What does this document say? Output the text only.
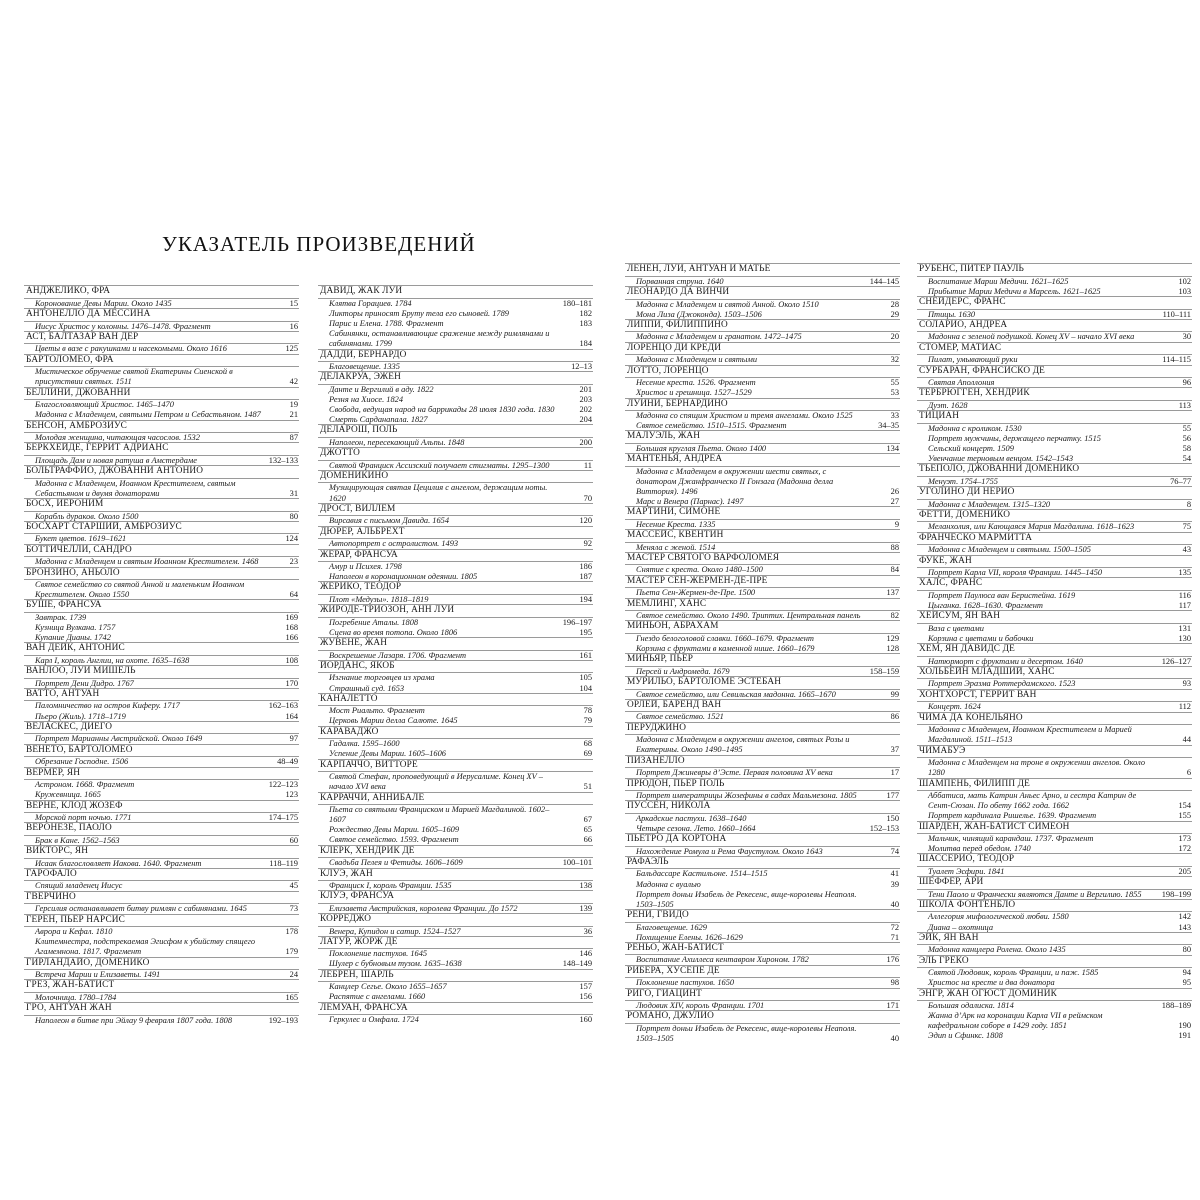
УКАЗАТЕЛЬ ПРОИЗВЕДЕНИЙ
АНДЖЕЛИКО, ФРА
Коронование Девы Марии. Около 1435	15
АНТОНЕЛЛО ДА МЕССИНА
Иисус Христос у колонны. 1476–1478. Фрагмент	16
АСТ, БАЛТАЗАР ВАН ДЕР
Цветы в вазе с ракушками и насекомыми. Около 1616	125
БАРТОЛОМЕО, ФРА
Мистическое обручение святой Екатерины Сиенской в присутствии святых. 1511	42
БЕЛЛИНИ, ДЖОВАННИ
Благословляющий Христос. 1465–1470	19
Мадонна с Младенцем, святыми Петром и Себастьяном. 1487	21
БЕНСОН, АМБРОЗИУС
Молодая женщина, читающая часослов. 1532	87
БЕРКХЕЙДЕ, ГЕРРИТ АДРИАНС
Площадь Дам и новая ратуша в Амстердаме	132–133
БОЛЬТРАФФИО, ДЖОВАННИ АНТОНИО
Мадонна с Младенцем, Иоанном Крестителем, святым Себастьяном и двумя донаторами	31
БОСХ, ИЕРОНИМ
Корабль дураков. Около 1500	80
БОСХАРТ СТАРШИЙ, АМБРОЗИУС
Букет цветов. 1619–1621	124
БОТТИЧЕЛЛИ, САНДРО
Мадонна с Младенцем и святым Иоанном Крестителем. 1468	23
БРОНЗИНО, АНЬОЛО
Святое семейство со святой Анной и маленьким Иоанном Крестителем. Около 1550	64
БУШЕ, ФРАНСУА
Завтрак. 1739	169
Кузница Вулкана. 1757	168
Купание Дианы. 1742	166
ВАН ДЕЙК, АНТОНИС
Карл I, король Англии, на охоте. 1635–1638	108
ВАНЛОО, ЛУИ МИШЕЛЬ
Портрет Дени Дидро. 1767	170
ВАТТО, АНТУАН
Паломничество на остров Киферу. 1717	162–163
Пьеро (Жиль). 1718–1719	164
ВЕЛАСКЕС, ДИЕГО
Портрет Марианны Австрийской. Около 1649	97
ВЕНЕТО, БАРТОЛОМЕО
Обрезание Господне. 1506	48–49
ВЕРМЕР, ЯН
Астроном. 1668. Фрагмент	122–123
Кружевница. 1665	123
ВЕРНЕ, КЛОД ЖОЗЕФ
Морской порт ночью. 1771	174–175
ВЕРОНЕЗЕ, ПАОЛО
Брак в Кане. 1562–1563	60
ВИКТОРС, ЯН
Исаак благословляет Иакова. 1640. Фрагмент	118–119
ГАРОФАЛО
Спящий младенец Иисус	45
ГВЕРЧИНО
Герсилия останавливает битву римлян с сабинянами. 1645	73
ГЕРЕН, ПЬЕР НАРСИС
Аврора и Кефал. 1810	178
Клитемнестра, подстрекаемая Эгисфом к убийству спящего Агамемнона. 1817. Фрагмент	179
ГИРЛАНДАЙО, ДОМЕНИКО
Встреча Марии и Елизаветы. 1491	24
ГРЕЗ, ЖАН-БАТИСТ
Молочница. 1780–1784	165
ГРО, АНТУАН ЖАН
Наполеон в битве при Эйлау 9 февраля 1807 года. 1808	192–193
ДАВИД, ЖАК ЛУИ
Клятва Горациев. 1784	180–181
Ликторы приносят Бруту тела его сыновей. 1789	182
Парис и Елена. 1788. Фрагмент	183
Сабинянки, останавливающие сражение между римлянами и сабинянами. 1799	184
ДАДДИ, БЕРНАРДО
Благовещение. 1335	12–13
ДЕЛАКРУА, ЭЖЕН
Данте и Вергилий в аду. 1822	201
Резня на Хиосе. 1824	203
Свобода, ведущая народ на баррикады 28 июля 1830 года. 1830	202
Смерть Сарданапала. 1827	204
ДЕЛАРОШ, ПОЛЬ
Наполеон, пересекающий Альпы. 1848	200
ДЖОТТО
Святой Франциск Ассизский получает стигматы. 1295–1300	11
ДОМЕНИКИНО
Музицирующая святая Цецилия с ангелом, держащим ноты. 1620	70
ДРОСТ, ВИЛЛЕМ
Вирсавия с письмом Давида. 1654	120
ДЮРЕР, АЛЬБРЕХТ
Автопортрет с остролистом. 1493	92
ЖЕРАР, ФРАНСУА
Амур и Психея. 1798	186
Наполеон в коронационном одеянии. 1805	187
ЖЕРИКО, ТЕОДОР
Плот «Медузы». 1818–1819	194
ЖИРОДЕ-ТРИОЗОН, АНН ЛУИ
Погребение Аталы. 1808	196–197
Сцена во время потопа. Около 1806	195
ЖУВЕНЕ, ЖАН
Воскрешение Лазаря. 1706. Фрагмент	161
ЙОРДАНС, ЯКОБ
Изгнание торговцев из храма	105
Страшный суд. 1653	104
КАНАЛЕТТО
Мост Риальто. Фрагмент	78
Церковь Марии делла Салюте. 1645	79
КАРАВАДЖО
Гадалка. 1595–1600	68
Успение Девы Марии. 1605–1606	69
КАРПАЧЧО, ВИТТОРЕ
Святой Стефан, проповедующий в Иерусалиме. Конец XV – начало XVI века	51
КАРРАЧЧИ, АННИБАЛЕ
Пьета со святыми Франциском и Марией Магдалиной. 1602–1607	67
Рождество Девы Марии. 1605–1609	65
Святое семейство. 1593. Фрагмент	66
КЛЕРК, ХЕНДРИК ДЕ
Свадьба Пелея и Фетиды. 1606–1609	100–101
КЛУЭ, ЖАН
Франциск I, король Франции. 1535	138
КЛУЭ, ФРАНСУА
Елизавета Австрийская, королева Франции. До 1572	139
КОРРЕДЖО
Венера, Купидон и сатир. 1524–1527	36
ЛАТУР, ЖОРЖ ДЕ
Поклонение пастухов. 1645	146
Шулер с бубновым тузом. 1635–1638	148–149
ЛЕБРЕН, ШАРЛЬ
Канцлер Сегье. Около 1655–1657	157
Распятие с ангелами. 1660	156
ЛЕМУАН, ФРАНСУА
Геркулес и Омфала. 1724	160
ЛЕНЕН, ЛУИ, АНТУАН И МАТЬЕ
Порванная струна. 1640	144–145
ЛЕОНАРДО ДА ВИНЧИ
Мадонна с Младенцем и святой Анной. Около 1510	28
Мона Лиза (Джоконда). 1503–1506	29
ЛИППИ, ФИЛИППИНО
Мадонна с Младенцем и гранатом. 1472–1475	20
ЛОРЕНЦО ДИ КРЕДИ
Мадонна с Младенцем и святыми	32
ЛОТТО, ЛОРЕНЦО
Несение креста. 1526. Фрагмент	55
Христос и грешница. 1527–1529	53
ЛУИНИ, БЕРНАРДИНО
Мадонна со спящим Христом и тремя ангелами. Около 1525	33
Святое семейство. 1510–1515. Фрагмент	34–35
МАЛУЭЛЬ, ЖАН
Большая круглая Пьета. Около 1400	134
МАНТЕНЬЯ, АНДРЕА
Мадонна с Младенцем в окружении шести святых, с донатором Джанфранческо II Гонзага (Мадонна делла Виттория). 1496	26
Марс и Венера (Парнас). 1497	27
МАРТИНИ, СИМОНЕ
Несение Креста. 1335	9
МАССЕЙС, КВЕНТИН
Меняла с женой. 1514	88
МАСТЕР СВЯТОГО ВАРФОЛОМЕЯ
Снятие с креста. Около 1480–1500	84
МАСТЕР СЕН-ЖЕРМЕН-ДЕ-ПРЕ
Пьета Сен-Жермен-де-Пре. 1500	137
МЕМЛИНГ, ХАНС
Святое семейство. Около 1490. Триптих. Центральная панель	82
МИНЬОН, АБРАХАМ
Гнездо белоголовой славки. 1660–1679. Фрагмент	129
Корзина с фруктами в каменной нише. 1660–1679	128
МИНЬЯР, ПЬЕР
Персей и Андромеда. 1679	158–159
МУРИЛЬО, БАРТОЛОМЕ ЭСТЕБАН
Святое семейство, или Севильская мадонна. 1665–1670	99
ОРЛЕЙ, БАРЕНД ВАН
Святое семейство. 1521	86
ПЕРУДЖИНО
Мадонна с Младенцем в окружении ангелов, святых Розы и Екатерины. Около 1490–1495	37
ПИЗАНЕЛЛО
Портрет Джиневры д’Эсте. Первая половина XV века	17
ПРЮДОН, ПЬЕР ПОЛЬ
Портрет императрицы Жозефины в садах Мальмезона. 1805	177
ПУССЕН, НИКОЛА
Аркадские пастухи. 1638–1640	150
Четыре сезона. Лето. 1660–1664	152–153
ПЬЕТРО ДА КОРТОНА
Нахождение Ромула и Рема Фаустулом. Около 1643	74
РАФАЭЛЬ
Бальдассаре Кастильоне. 1514–1515	41
Мадонна с вуалью	39
Портрет доньи Изабель де Рекесенс, вице-королевы Неаполя. 1503–1505	40
РЕНИ, ГВИДО
Благовещение. 1629	72
Похищение Елены. 1626–1629	71
РЕНЬО, ЖАН-БАТИСТ
Воспитание Ахиллеса кентавром Хироном. 1782	176
РИБЕРА, ХУСЕПЕ ДЕ
Поклонение пастухов. 1650	98
РИГО, ГИАЦИНТ
Людовик XIV, король Франции. 1701	171
РОМАНО, ДЖУЛИО
Портрет доньи Изабель де Рекесенс, вице-королевы Неаполя. 1503–1505	40
РУБЕНС, ПИТЕР ПАУЛЬ
Воспитание Марии Медичи. 1621–1625	102
Прибытие Марии Медичи в Марсель. 1621–1625	103
СНЕЙДЕРС, ФРАНС
Птицы. 1630	110–111
СОЛАРИО, АНДРЕА
Мадонна с зеленой подушкой. Конец XV – начало XVI века	30
СТОМЕР, МАТИАС
Пилат, умывающий руки	114–115
СУРБАРАН, ФРАНСИСКО ДЕ
Святая Аполлония	96
ТЕРБРЮГГЕН, ХЕНДРИК
Дуэт. 1628	113
ТИЦИАН
Мадонна с кроликом. 1530	55
Портрет мужчины, держащего перчатку. 1515	56
Сельский концерт. 1509	58
Увенчание терновым венцом. 1542–1543	54
ТЬЕПОЛО, ДЖОВАННИ ДОМЕНИКО
Менуэт. 1754–1755	76–77
УГОЛИНО ДИ НЕРИО
Мадонна с Младенцем. 1315–1320	8
ФЕТТИ, ДОМЕНИКО
Меланхолия, или Кающаяся Мария Магдалина. 1618–1623	75
ФРАНЧЕСКО МАРМИТТА
Мадонна с Младенцем и святыми. 1500–1505	43
ФУКЕ, ЖАН
Портрет Карла VII, короля Франции. 1445–1450	135
ХАЛС, ФРАНС
Портрет Паулюса ван Беристейна. 1619	116
Цыганка. 1628–1630. Фрагмент	117
ХЕЙСУМ, ЯН ВАН
Ваза с цветами	131
Корзина с цветами и бабочки	130
ХЕМ, ЯН ДАВИДС ДЕ
Натюрморт с фруктами и десертом. 1640	126–127
ХОЛЬБЕЙН МЛАДШИЙ, ХАНС
Портрет Эразма Роттердамского. 1523	93
ХОНТХОРСТ, ГЕРРИТ ВАН
Концерт. 1624	112
ЧИМА ДА КОНЕЛЬЯНО
Мадонна с Младенцем, Иоанном Крестителем и Марией Магдалиной. 1511–1513	44
ЧИМАБУЭ
Мадонна с Младенцем на троне в окружении ангелов. Около 1280	6
ШАМПЕНЬ, ФИЛИПП ДЕ
Аббатиса, мать Катрин Аньес Арно, и сестра Катрин де Сент-Сюзан. По обету 1662 года. 1662	154
Портрет кардинала Ришелье. 1639. Фрагмент	155
ШАРДЕН, ЖАН-БАТИСТ СИМЕОН
Мальчик, чинящий карандаш. 1737. Фрагмент	173
Молитва перед обедом. 1740	172
ШАССЕРИО, ТЕОДОР
Туалет Эсфири. 1841	205
ШЕФФЕР, АРИ
Тени Паоло и Франчески являются Данте и Вергилию. 1855	198–199
ШКОЛА ФОНТЕНБЛО
Аллегория мифологической любви. 1580	142
Диана – охотница	143
ЭЙК, ЯН ВАН
Мадонна канцлера Ролена. Около 1435	80
ЭЛЬ ГРЕКО
Святой Людовик, король Франции, и паж. 1585	94
Христос на кресте и два донатора	95
ЭНГР, ЖАН ОГЮСТ ДОМИНИК
Большая одалиска. 1814	188–189
Жанна д’Арк на коронации Карла VII в реймском кафедральном соборе в 1429 году. 1851	190
Эдип и Сфинкс. 1808	191
